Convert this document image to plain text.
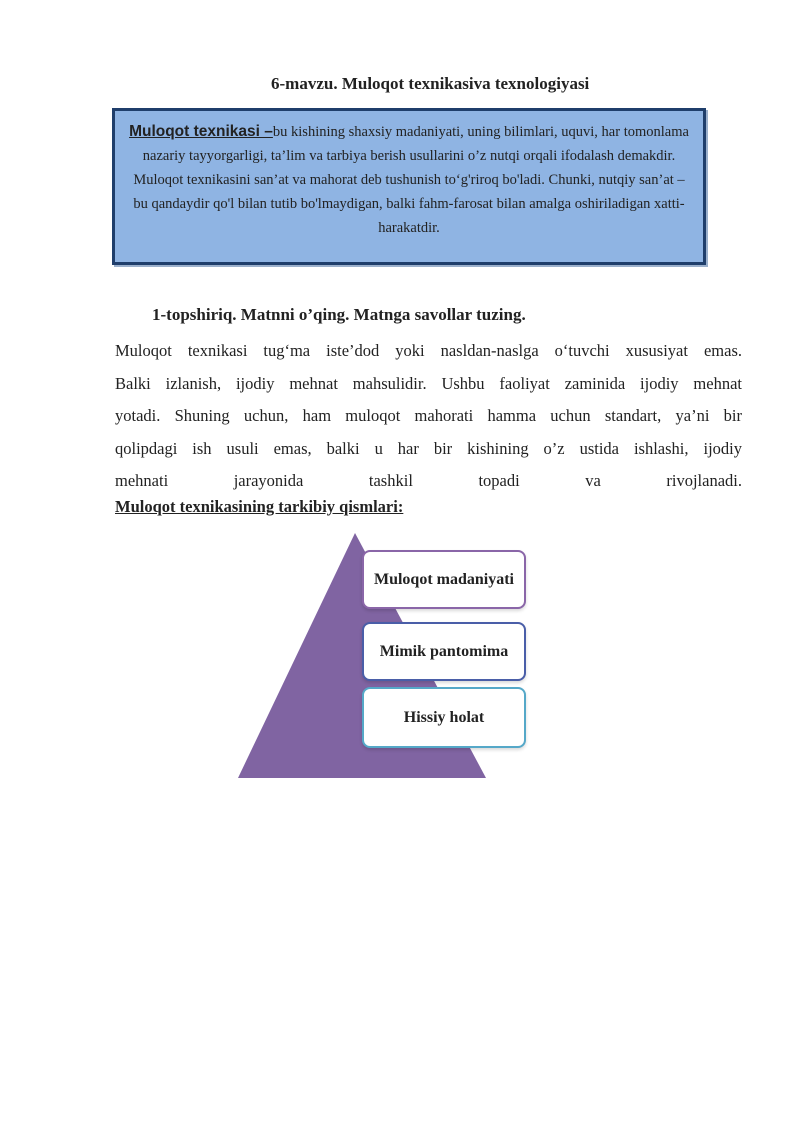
6-mavzu. Muloqot texnikasiva texnologiyasi
Muloqot texnikasi –bu kishining shaxsiy madaniyati, uning bilimlari, uquvi, har tomonlama nazariy tayyorgarligi, ta’lim va tarbiya berish usullarini o’z nutqi orqali ifodalash demakdir. Muloqot texnikasini san’at va mahorat deb tushunish to‘g'riroq bo'ladi. Chunki, nutqiy san’at – bu qandaydir qo'l bilan tutib bo'lmaydigan, balki fahm-farosat bilan amalga oshiriladigan xatti-harakatdir.
1-topshiriq. Matnni o’qing. Matnga savollar tuzing.
Muloqot texnikasi tug‘ma iste’dod yoki nasldan-naslga o‘tuvchi xususiyat emas.
Balki izlanish, ijodiy mehnat mahsulidir. Ushbu faoliyat zaminida ijodiy mehnat
yotadi. Shuning uchun, ham muloqot mahorati hamma uchun standart, ya’ni bir
qolipdagi ish usuli emas, balki u har bir kishining o’z ustida ishlashi, ijodiy
mehnati jarayonida tashkil topadi va rivojlanadi.
Muloqot texnikasining tarkibiy qismlari:
Muloqot madaniyati
Mimik pantomima
Hissiy holat
